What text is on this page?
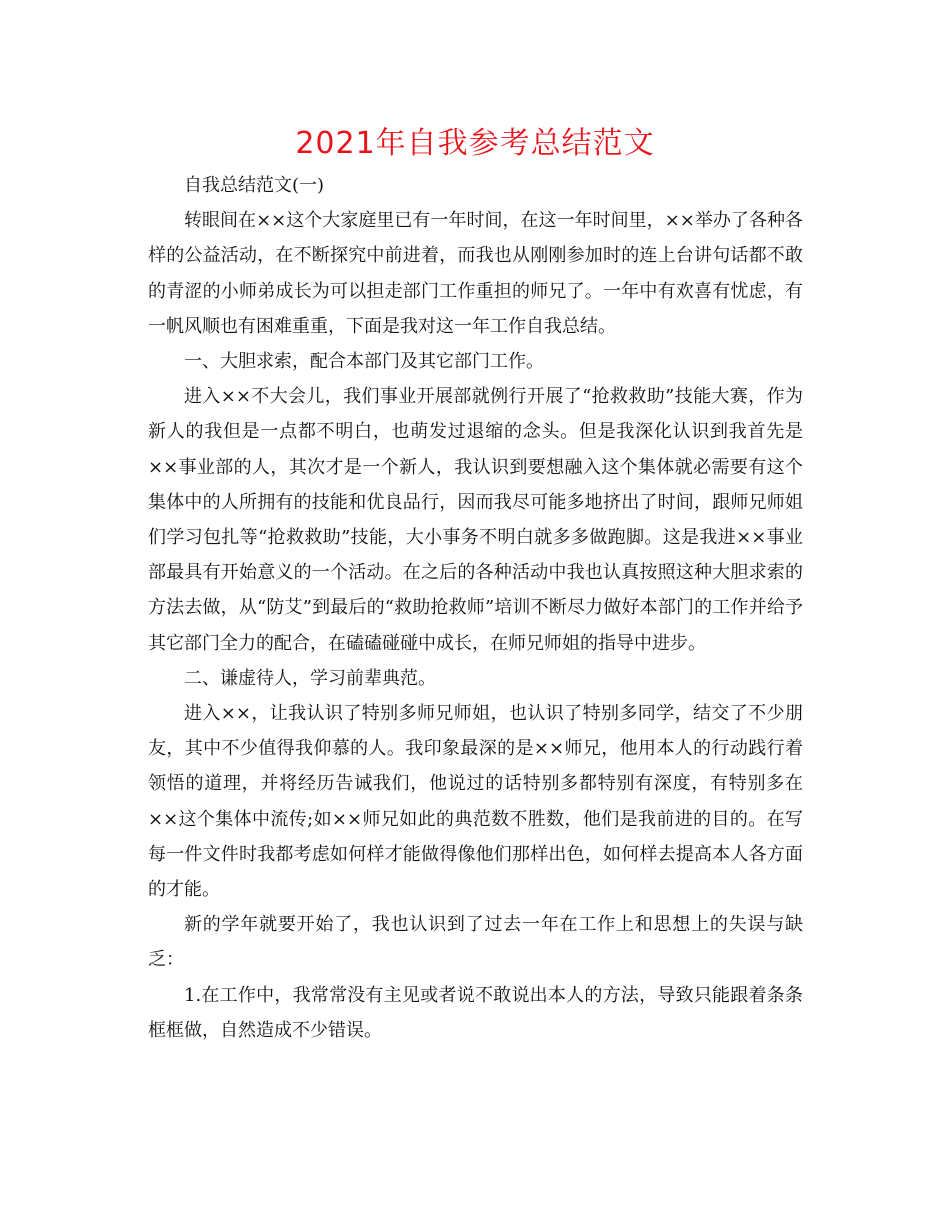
2021年自我参考总结范文

自我总结范文(一)

转眼间在××这个大家庭里已有一年时间，在这一年时间里，××举办了各种各样的公益活动，在不断探究中前进着，而我也从刚刚参加时的连上台讲句话都不敢的青涩的小师弟成长为可以担走部门工作重担的师兄了。一年中有欢喜有忧虑，有一帆风顺也有困难重重，下面是我对这一年工作自我总结。

一、大胆求索，配合本部门及其它部门工作。

进入××不大会儿，我们事业开展部就例行开展了“抢救救助”技能大赛，作为新人的我但是一点都不明白，也萌发过退缩的念头。但是我深化认识到我首先是××事业部的人，其次才是一个新人，我认识到要想融入这个集体就必需要有这个集体中的人所拥有的技能和优良品行，因而我尽可能多地挤出了时间，跟师兄师姐们学习包扎等“抢救救助”技能，大小事务不明白就多多做跑脚。这是我进××事业部最具有开始意义的一个活动。在之后的各种活动中我也认真按照这种大胆求索的方法去做，从“防艾”到最后的“救助抢救师”培训不断尽力做好本部门的工作并给予其它部门全力的配合，在磕磕碰碰中成长，在师兄师姐的指导中进步。

二、谦虚待人，学习前辈典范。

进入××，让我认识了特别多师兄师姐，也认识了特别多同学，结交了不少朋友，其中不少值得我仰慕的人。我印象最深的是××师兄，他用本人的行动践行着领悟的道理，并将经历告诫我们，他说过的话特别多都特别有深度，有特别多在××这个集体中流传;如××师兄如此的典范数不胜数，他们是我前进的目的。在写每一件文件时我都考虑如何样才能做得像他们那样出色，如何样去提高本人各方面的才能。

新的学年就要开始了，我也认识到了过去一年在工作上和思想上的失误与缺乏：

1.在工作中，我常常没有主见或者说不敢说出本人的方法，导致只能跟着条条框框做，自然造成不少错误。
